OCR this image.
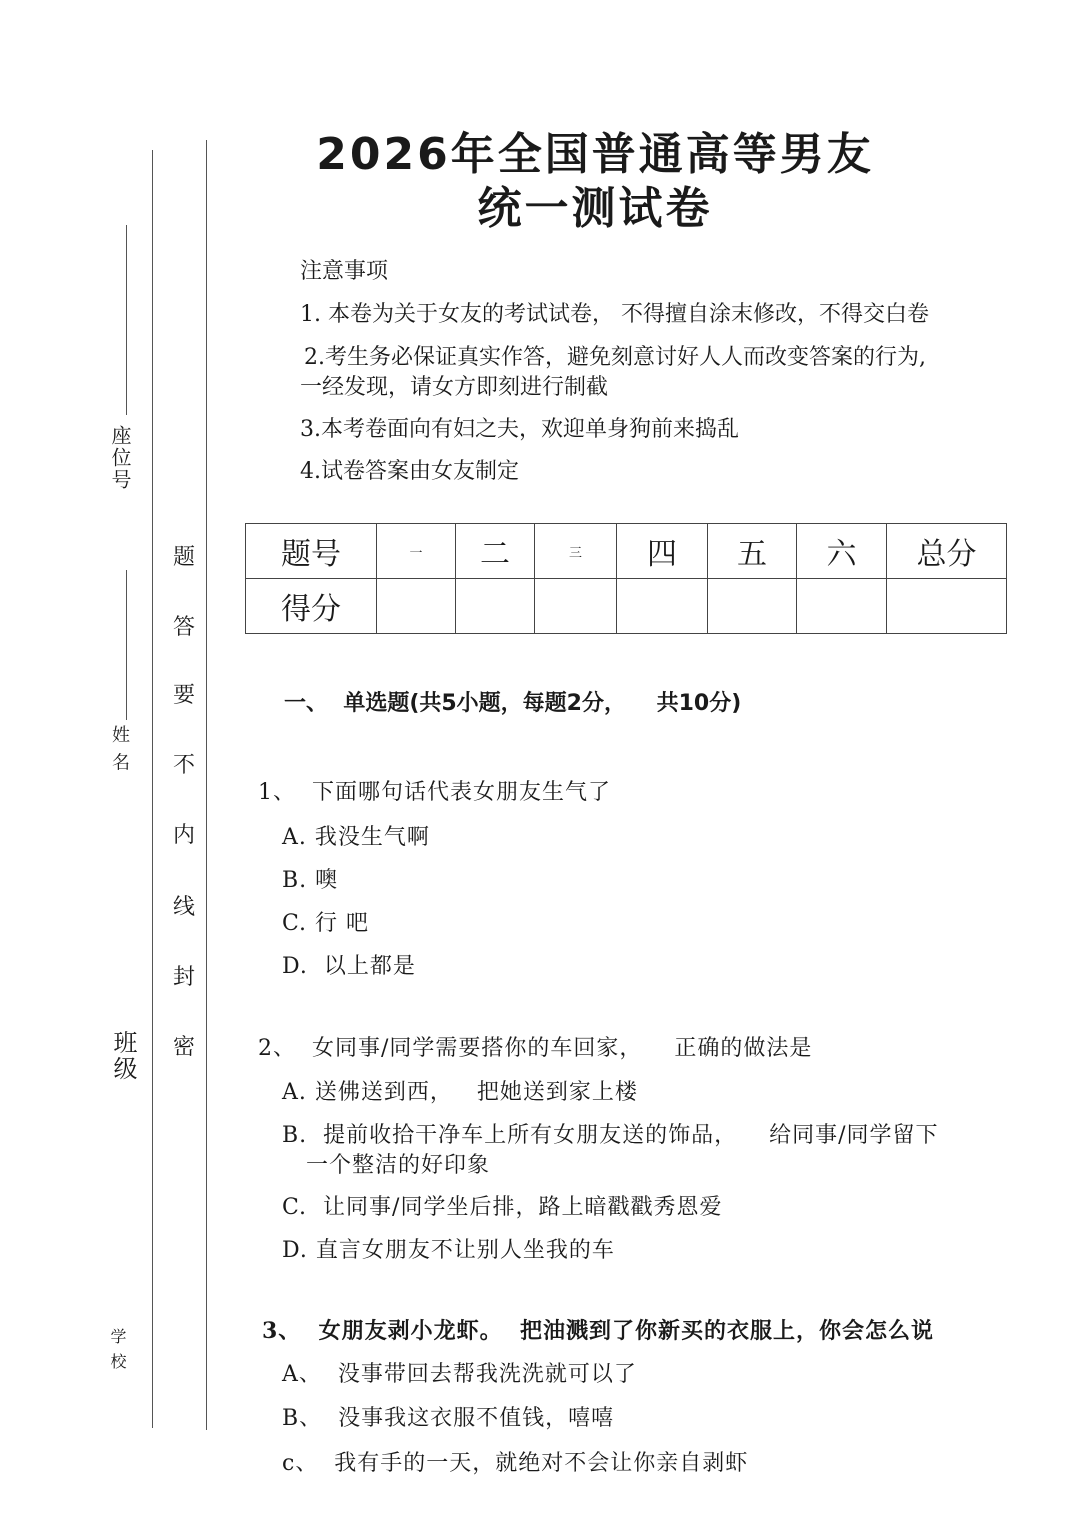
座位号
姓 名
班级
学 校
题
答
要
不
内
线
封
密
2026年全国普通高等男友
统一测试卷
注意事项
1. 本卷为关于女友的考试试卷， 不得擅自涂末修改，不得交白卷
2.考生务必保证真实作答，避免刻意讨好人人而改变答案的行为,
一经发现，请女方即刻进行制截
3.本考卷面向有妇之夫，欢迎单身狗前来捣乱
4.试卷答案由女友制定
题号	一	二	三	四	五	六	总分
得分							
一、  单选题(共5小题，每题2分，    共10分)
1、  下面哪句话代表女朋友生气了
A. 我没生气啊
B. 噢
C. 行 吧
D.  以上都是
2、  女同事/同学需要搭你的车回家，    正确的做法是
A. 送佛送到西，   把她送到家上楼
B.  提前收拾干净车上所有女朋友送的饰品，    给同事/同学留下
一个整洁的好印象
C.  让同事/同学坐后排，路上暗戳戳秀恩爱
D. 直言女朋友不让别人坐我的车
3、  女朋友剥小龙虾。  把油溅到了你新买的衣服上，你会怎么说
A、  没事带回去帮我洗洗就可以了
B、  没事我这衣服不值钱，嘻嘻
c、  我有手的一天，就绝对不会让你亲自剥虾
